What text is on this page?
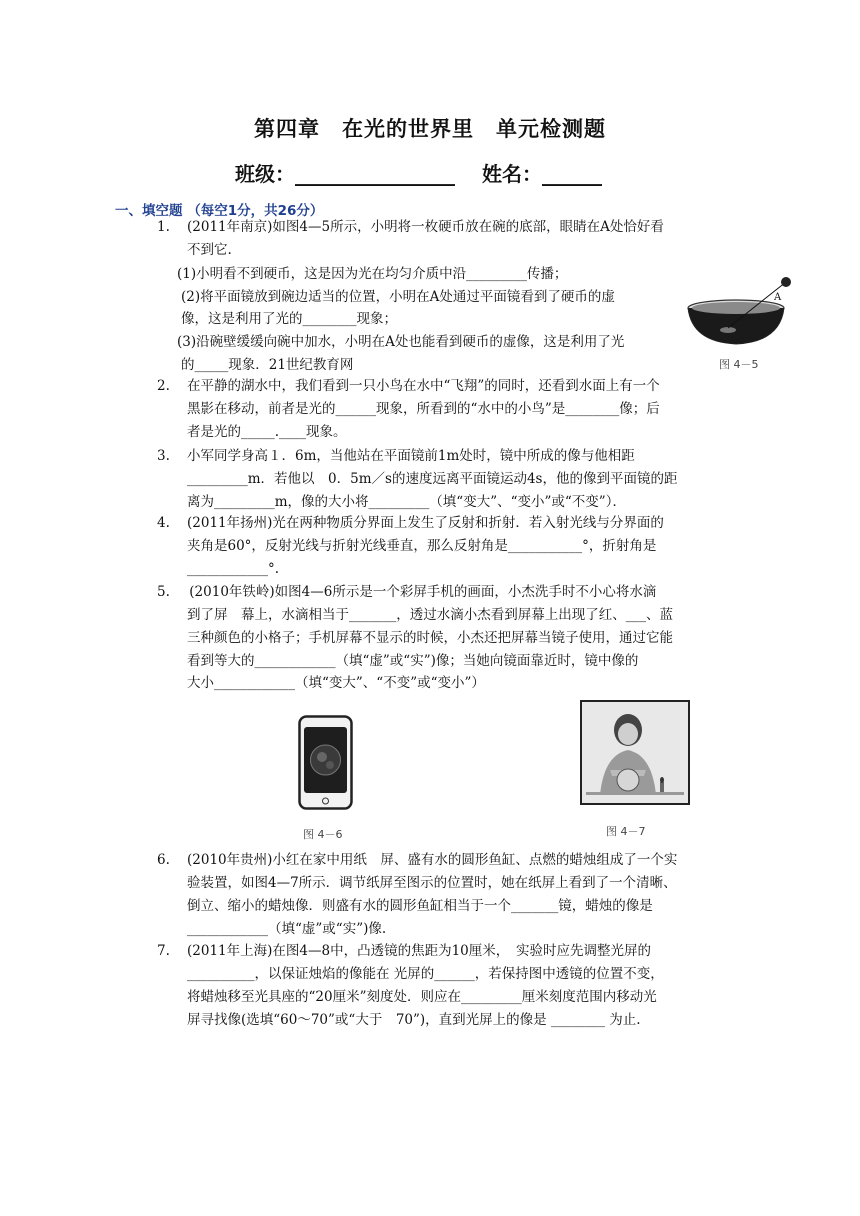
第四章　在光的世界里　单元检测题
班级：________________　 姓名：______
一、填空题 （每空1分，共26分）
1. (2011年南京)如图4—5所示，小明将一枚硬币放在碗的底部，眼睛在A处恰好看
不到它.
(1)小明看不到硬币，这是因为光在均匀介质中沿_________传播；
(2)将平面镜放到碗边适当的位置，小明在A处通过平面镜看到了硬币的虚
像，这是利用了光的________现象；
(3)沿碗壁缓缓向碗中加水，小明在A处也能看到硬币的虚像，这是利用了光
的_____现象．21世纪教育网
A
图 4－5
2. 在平静的湖水中，我们看到一只小鸟在水中“飞翔”的同时，还看到水面上有一个
黑影在移动，前者是光的______现象，所看到的“水中的小鸟”是________像；后
者是光的_____.____现象。
3. 小军同学身高１．6m，当他站在平面镜前1m处时，镜中所成的像与他相距
_________m．若他以　0．5m／s的速度远离平面镜运动4s，他的像到平面镜的距
离为_________m，像的大小将_________（填“变大”、“变小”或“不变”）．
4. (2011年扬州)光在两种物质分界面上发生了反射和折射．若入射光线与分界面的
夹角是60°，反射光线与折射光线垂直，那么反射角是___________°，折射角是
____________°.
5. (2010年铁岭)如图4—6所示是一个彩屏手机的画面，小杰洗手时不小心将水滴
到了屏　幕上，水滴相当于_______，透过水滴小杰看到屏幕上出现了红、___、蓝
三种颜色的小格子；手机屏幕不显示的时候，小杰还把屏幕当镜子使用，通过它能
看到等大的____________（填“虚”或“实”)像；当她向镜面靠近时，镜中像的
大小____________（填“变大”、“不变”或“变小”）
图 4－6	图 4－7
6. (2010年贵州)小红在家中用纸　屏、盛有水的圆形鱼缸、点燃的蜡烛组成了一个实
验装置，如图4—7所示．调节纸屏至图示的位置时，她在纸屏上看到了一个清晰、
倒立、缩小的蜡烛像．则盛有水的圆形鱼缸相当于一个_______镜，蜡烛的像是
____________（填“虚”或“实”)像.
7. (2011年上海)在图4—8中，凸透镜的焦距为10厘米，　实验时应先调整光屏的
__________，以保证烛焰的像能在 光屏的______，若保持图中透镜的位置不变，
将蜡烛移至光具座的“20厘米”刻度处．则应在_________厘米刻度范围内移动光
屏寻找像(选填“60～70”或“大于　70”)，直到光屏上的像是 ________ 为止.
